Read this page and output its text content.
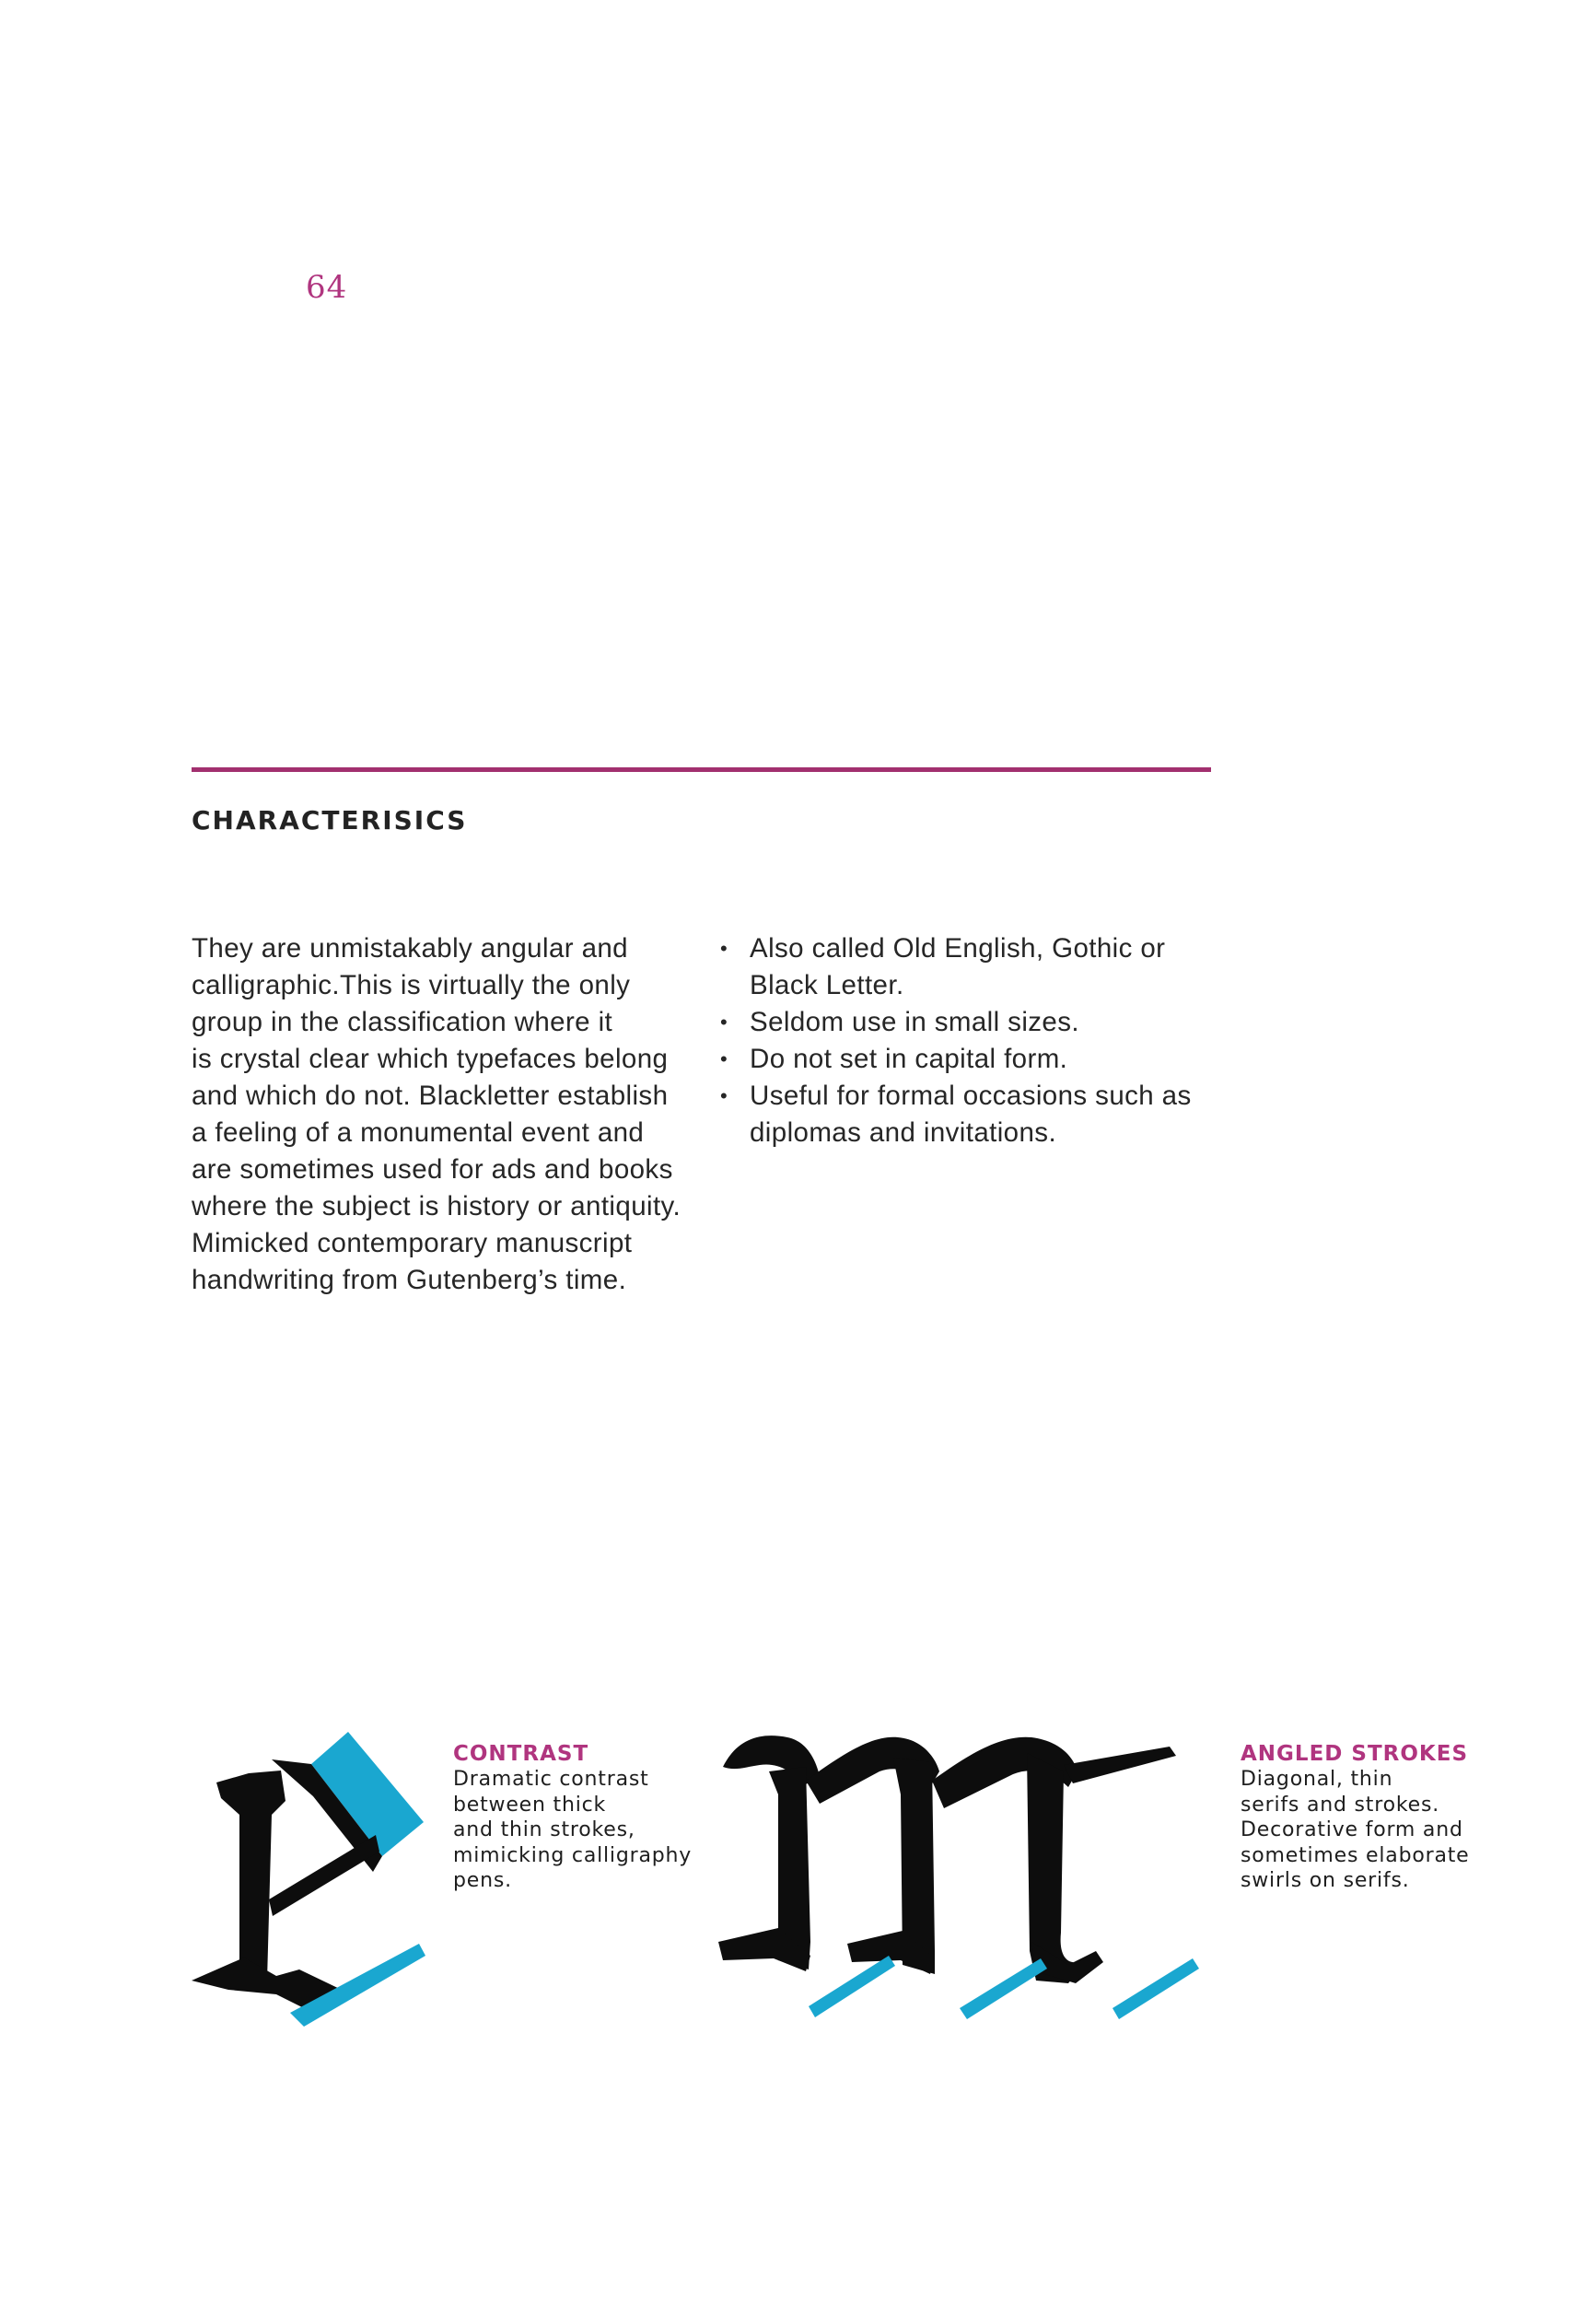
64
CHARACTERISICS

They are unmistakably angular and
calligraphic.This is virtually the only
group in the classification where it
is crystal clear which typefaces belong
and which do not. Blackletter establish
a feeling of a monumental event and
are sometimes used for ads and books
where the subject is history or antiquity.
Mimicked contemporary manuscript
handwriting from Gutenberg’s time.

• Also called Old English, Gothic or
Black Letter.
• Seldom use in small sizes.
• Do not set in capital form.
• Useful for formal occasions such as
diplomas and invitations.
CONTRAST
Dramatic contrast
between thick
and thin strokes,
mimicking calligraphy
pens.
ANGLED STROKES
Diagonal, thin
serifs and strokes.
Decorative form and
sometimes elaborate
swirls on serifs.
